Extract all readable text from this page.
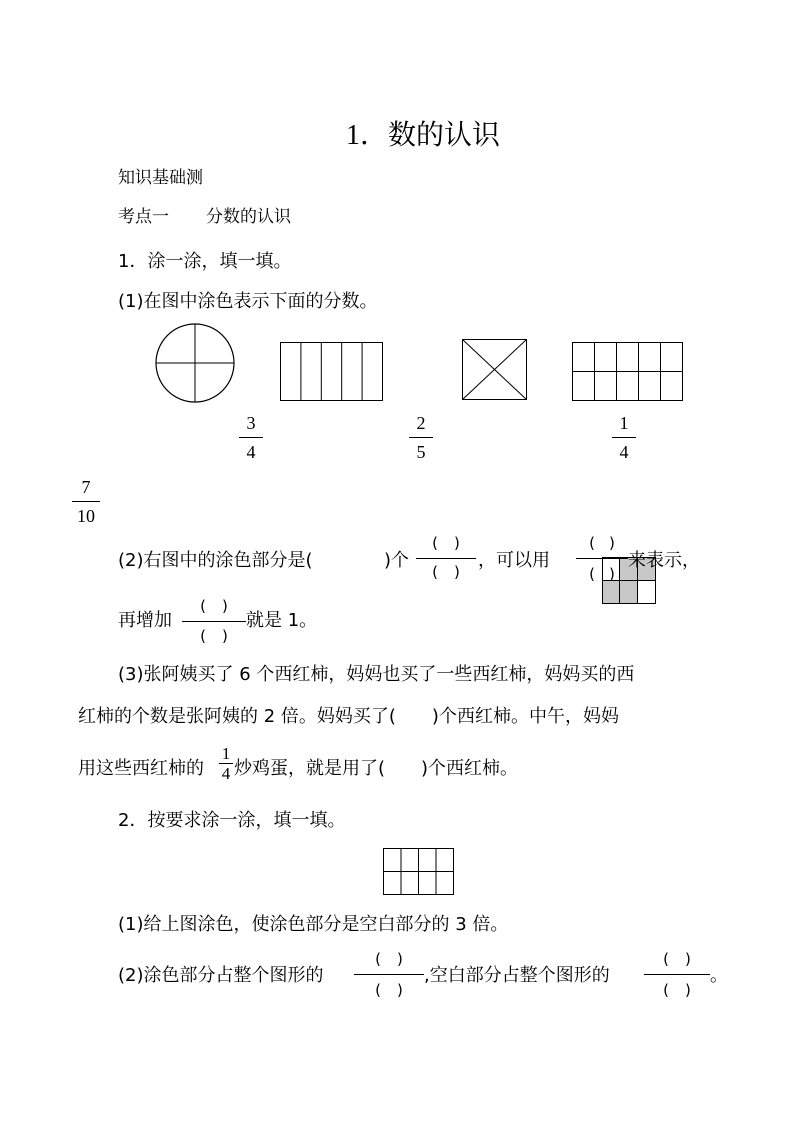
1．数的认识
知识基础测
考点一 分数的认识
1．涂一涂，填一填。
(1)在图中涂色表示下面的分数。
3
4
2
5
1
4
7
10
(2)右图中的涂色部分是(	)个
( )
( )
，可以用
( )
( )
来表示，
再增加
( )
( )
就是 1。
(3)张阿姨买了 6 个西红柿，妈妈也买了一些西红柿，妈妈买的西
红柿的个数是张阿姨的 2 倍。妈妈买了(　　)个西红柿。中午，妈妈
用这些西红柿的
1
4 炒鸡蛋，就是用了(　　)个西红柿。
2．按要求涂一涂，填一填。
(1)给上图涂色，使涂色部分是空白部分的 3 倍。
(2)涂色部分占整个图形的
( )
( )
,空白部分占整个图形的
( )
( )
。
